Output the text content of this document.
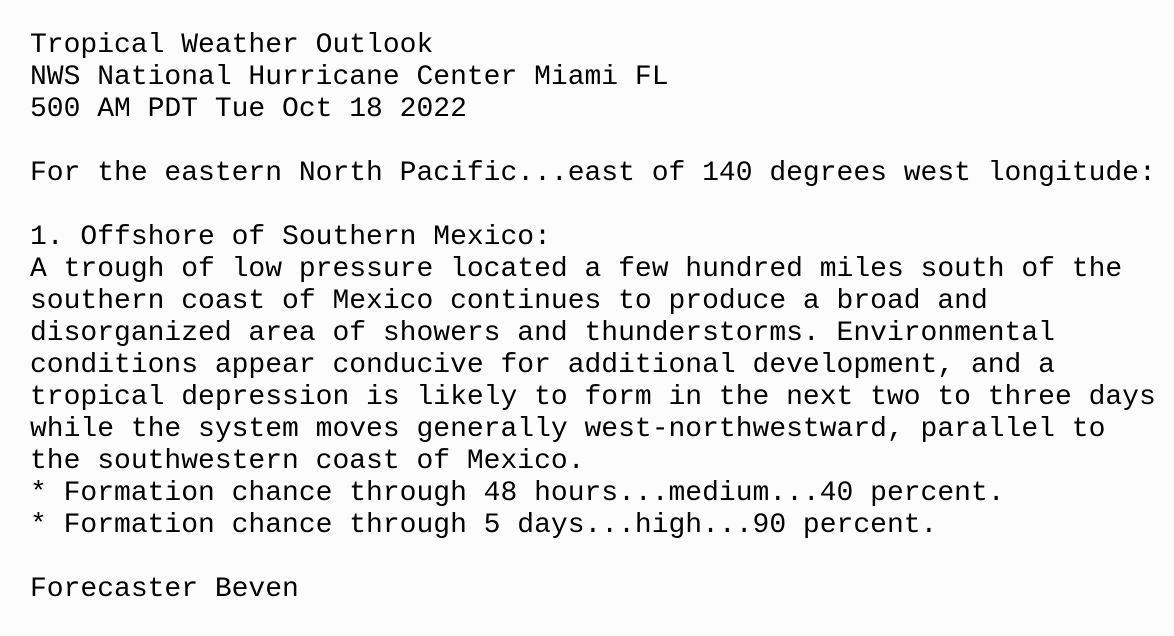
Tropical Weather Outlook
NWS National Hurricane Center Miami FL
500 AM PDT Tue Oct 18 2022
For the eastern North Pacific...east of 140 degrees west longitude:
1. Offshore of Southern Mexico:
A trough of low pressure located a few hundred miles south of the
southern coast of Mexico continues to produce a broad and
disorganized area of showers and thunderstorms. Environmental
conditions appear conducive for additional development, and a
tropical depression is likely to form in the next two to three days
while the system moves generally west-northwestward, parallel to
the southwestern coast of Mexico.
* Formation chance through 48 hours...medium...40 percent.
* Formation chance through 5 days...high...90 percent.
Forecaster Beven
